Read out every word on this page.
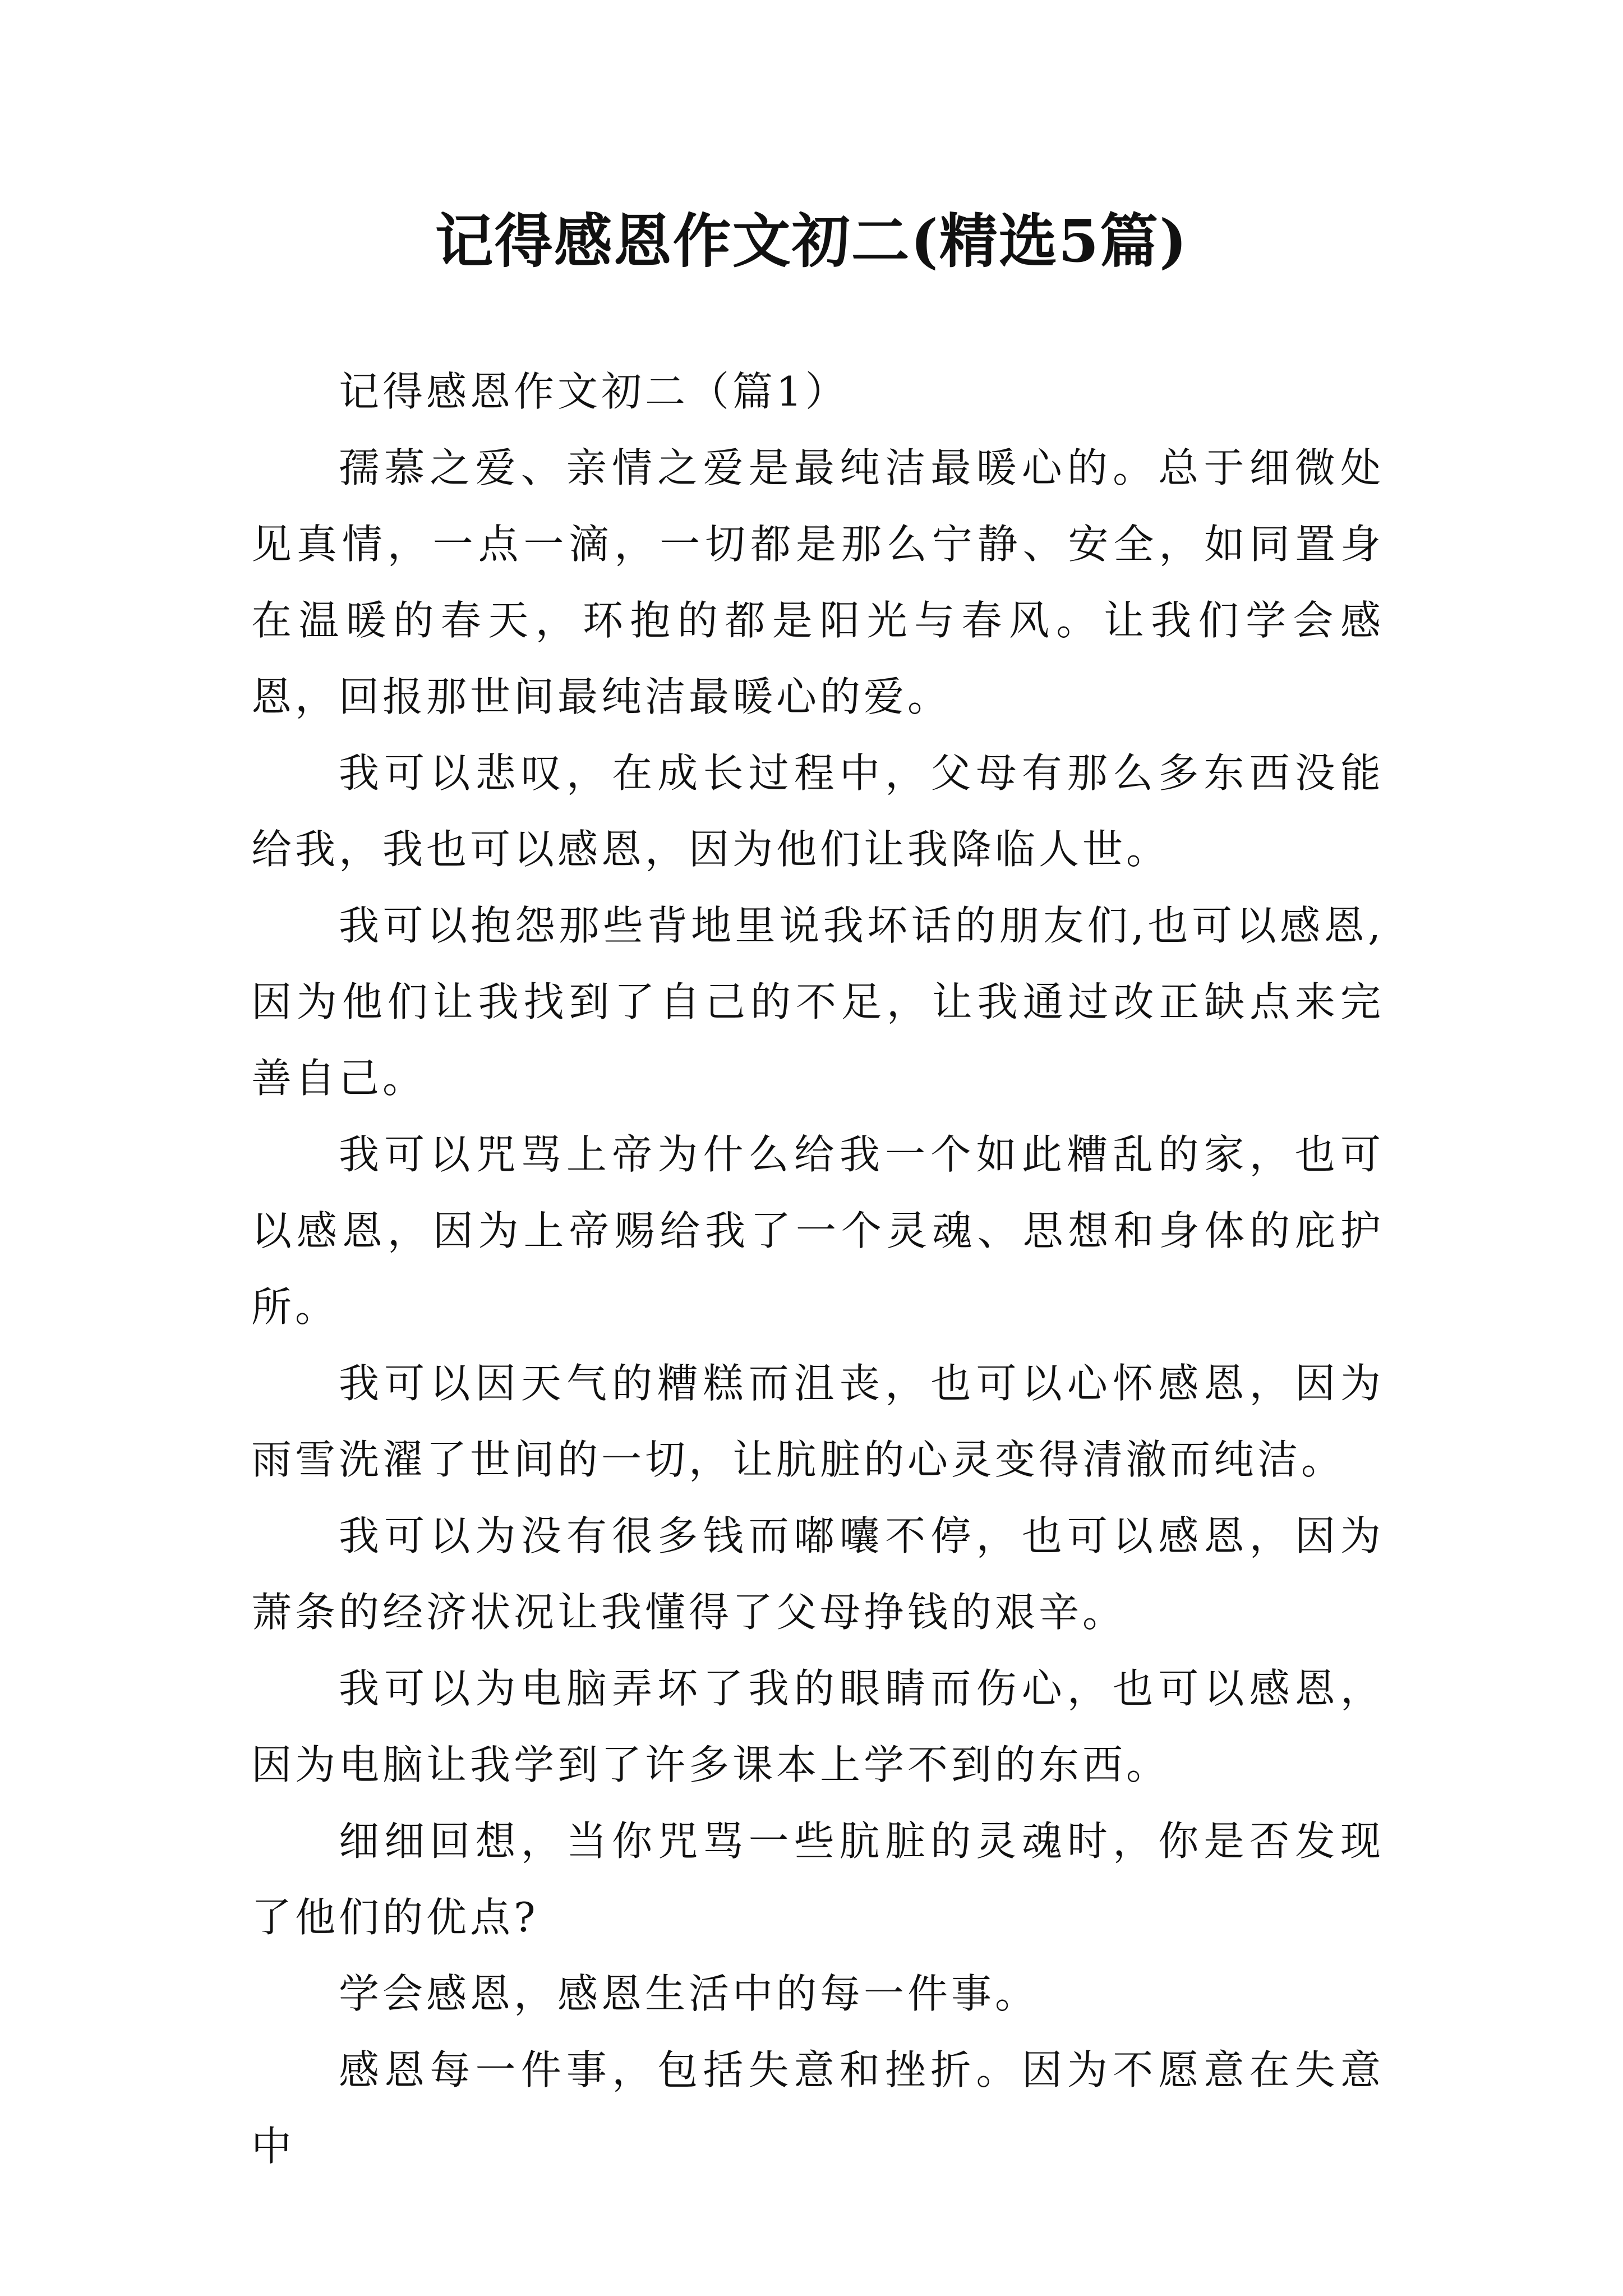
记得感恩作文初二(精选5篇)

记得感恩作文初二（篇1）

孺慕之爱、亲情之爱是最纯洁最暖心的。总于细微处见真情，一点一滴，一切都是那么宁静、安全，如同置身在温暖的春天，环抱的都是阳光与春风。让我们学会感恩，回报那世间最纯洁最暖心的爱。

我可以悲叹，在成长过程中，父母有那么多东西没能给我，我也可以感恩，因为他们让我降临人世。

我可以抱怨那些背地里说我坏话的朋友们,也可以感恩,因为他们让我找到了自己的不足，让我通过改正缺点来完善自己。

我可以咒骂上帝为什么给我一个如此糟乱的家，也可以感恩，因为上帝赐给我了一个灵魂、思想和身体的庇护所。

我可以因天气的糟糕而沮丧，也可以心怀感恩，因为雨雪洗濯了世间的一切，让肮脏的心灵变得清澈而纯洁。

我可以为没有很多钱而嘟囔不停，也可以感恩，因为萧条的经济状况让我懂得了父母挣钱的艰辛。

我可以为电脑弄坏了我的眼睛而伤心，也可以感恩，因为电脑让我学到了许多课本上学不到的东西。

细细回想，当你咒骂一些肮脏的灵魂时，你是否发现了他们的优点?

学会感恩，感恩生活中的每一件事。

感恩每一件事，包括失意和挫折。因为不愿意在失意中
